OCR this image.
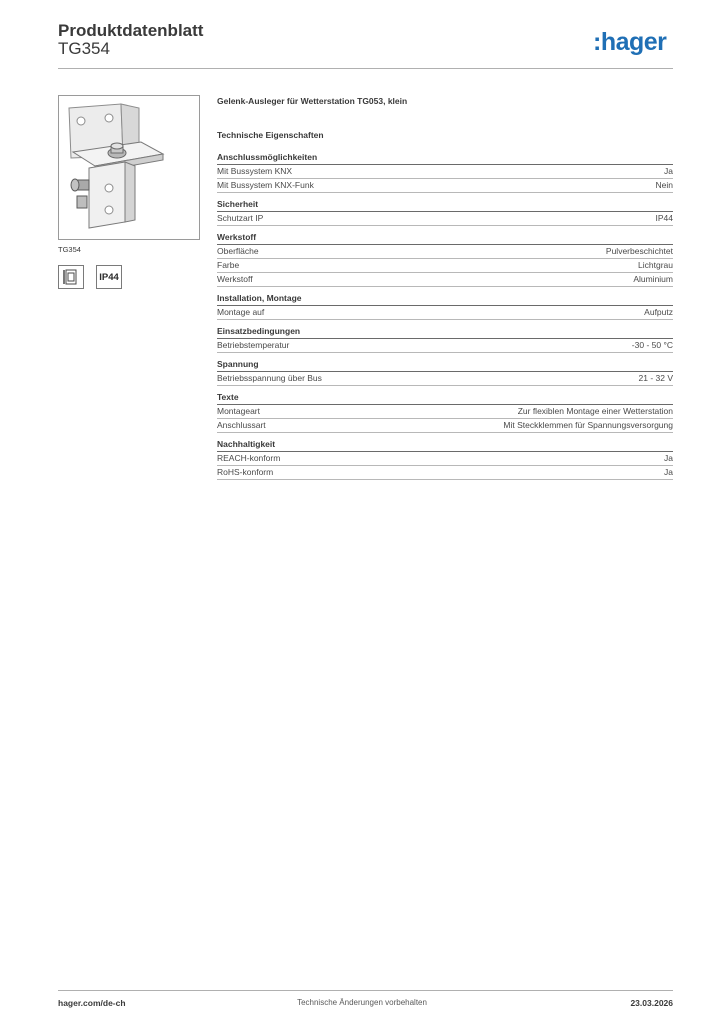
Produktdatenblatt
TG354	:hager
TG354
IP44
Gelenk-Ausleger für Wetterstation TG053, klein
Technische Eigenschaften
Anschlussmöglichkeiten
Mit Bussystem KNX	Ja
Mit Bussystem KNX-Funk	Nein
Sicherheit
Schutzart IP	IP44
Werkstoff
Oberfläche	Pulverbeschichtet
Farbe	Lichtgrau
Werkstoff	Aluminium
Installation, Montage
Montage auf	Aufputz
Einsatzbedingungen
Betriebstemperatur	-30 - 50 °C
Spannung
Betriebsspannung über Bus	21 - 32 V
Texte
Montageart	Zur flexiblen Montage einer Wetterstation
Anschlussart	Mit Steckklemmen für Spannungsversorgung
Nachhaltigkeit
REACH-konform	Ja
RoHS-konform	Ja
hager.com/de-ch	Technische Änderungen vorbehalten	23.03.2026
